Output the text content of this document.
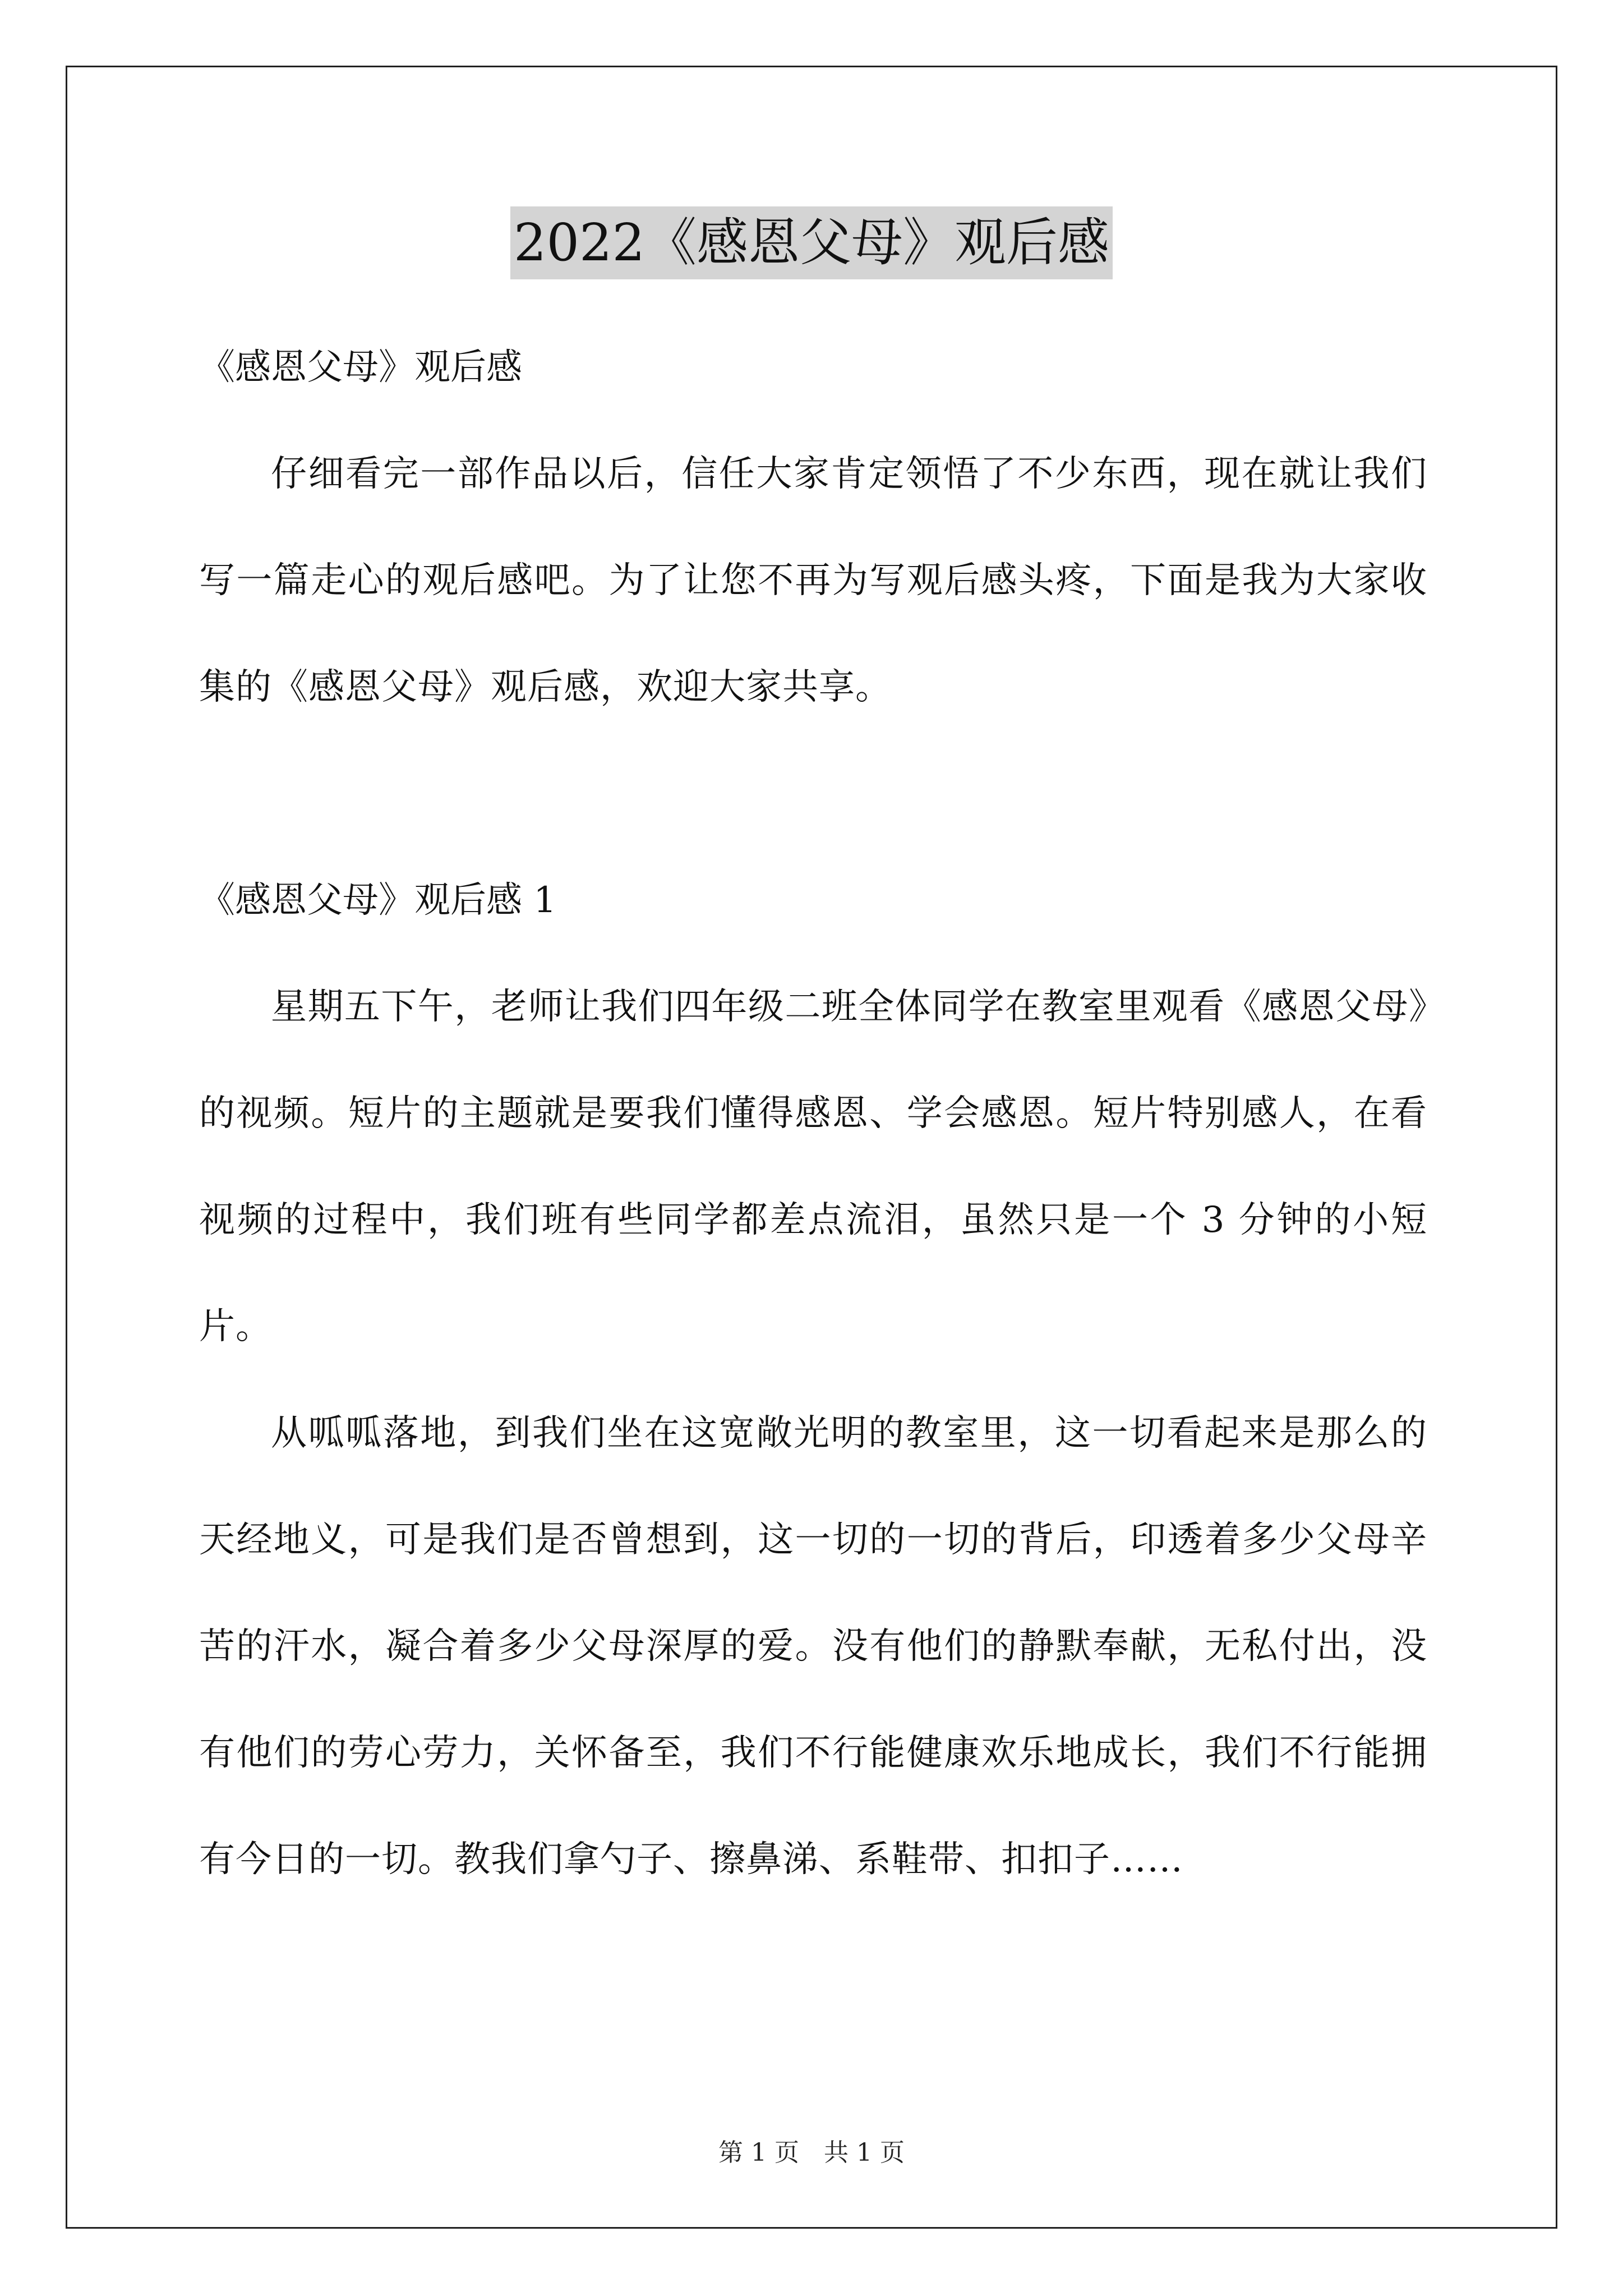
2022《感恩父母》观后感

《感恩父母》观后感

仔细看完一部作品以后，信任大家肯定领悟了不少东西，现在就让我们写一篇走心的观后感吧。为了让您不再为写观后感头疼，下面是我为大家收集的《感恩父母》观后感，欢迎大家共享。

《感恩父母》观后感 1

星期五下午，老师让我们四年级二班全体同学在教室里观看《感恩父母》的视频。短片的主题就是要我们懂得感恩、学会感恩。短片特别感人，在看视频的过程中，我们班有些同学都差点流泪，虽然只是一个 3 分钟的小短片。

从呱呱落地，到我们坐在这宽敞光明的教室里，这一切看起来是那么的天经地义，可是我们是否曾想到，这一切的一切的背后，印透着多少父母辛苦的汗水，凝合着多少父母深厚的爱。没有他们的静默奉献，无私付出，没有他们的劳心劳力，关怀备至，我们不行能健康欢乐地成长，我们不行能拥有今日的一切。教我们拿勺子、擦鼻涕、系鞋带、扣扣子……

第 1 页　共 1 页
